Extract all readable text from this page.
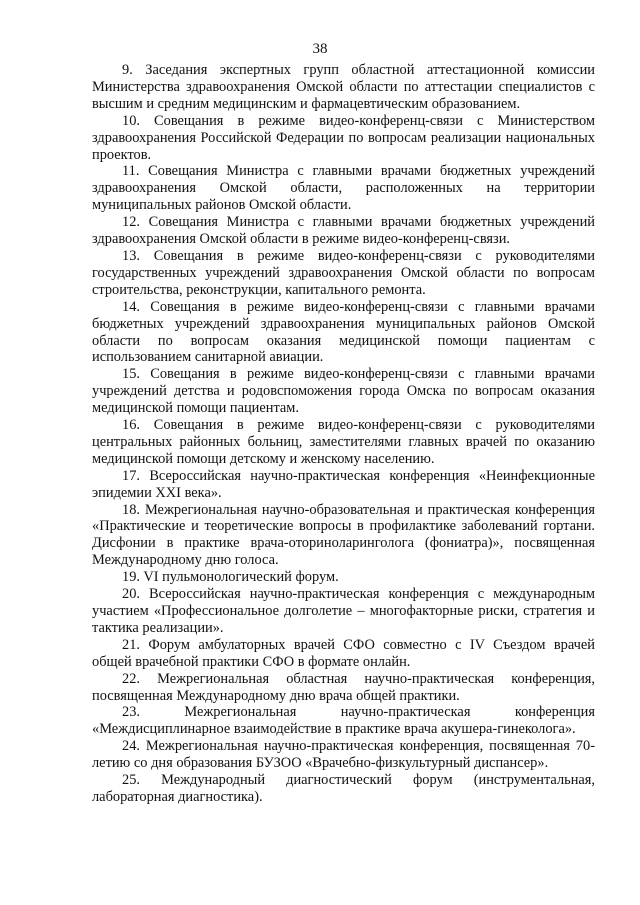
38

9. Заседания экспертных групп областной аттестационной комиссии Министерства здравоохранения Омской области по аттестации специалистов с высшим и средним медицинским и фармацевтическим образованием.

10. Совещания в режиме видео-конференц-связи с Министерством здравоохранения Российской Федерации по вопросам реализации национальных проектов.

11. Совещания Министра с главными врачами бюджетных учреждений здравоохранения Омской области, расположенных на территории муниципальных районов Омской области.

12. Совещания Министра с главными врачами бюджетных учреждений здравоохранения Омской области в режиме видео-конференц-связи.

13. Совещания в режиме видео-конференц-связи с руководителями государственных учреждений здравоохранения Омской области по вопросам строительства, реконструкции, капитального ремонта.

14. Совещания в режиме видео-конференц-связи с главными врачами бюджетных учреждений здравоохранения муниципальных районов Омской области по вопросам оказания медицинской помощи пациентам с использованием санитарной авиации.

15. Совещания в режиме видео-конференц-связи с главными врачами учреждений детства и родовспоможения города Омска по вопросам оказания медицинской помощи пациентам.

16. Совещания в режиме видео-конференц-связи с руководителями центральных районных больниц, заместителями главных врачей по оказанию медицинской помощи детскому и женскому населению.

17. Всероссийская научно-практическая конференция «Неинфекционные эпидемии XXI века».

18. Межрегиональная научно-образовательная и практическая конференция «Практические и теоретические вопросы в профилактике заболеваний гортани. Дисфонии в практике врача-оториноларинголога (фониатра)», посвященная Международному дню голоса.

19. VI пульмонологический форум.

20. Всероссийская научно-практическая конференция с международным участием «Профессиональное долголетие – многофакторные риски, стратегия и тактика реализации».

21. Форум амбулаторных врачей СФО совместно с IV Съездом врачей общей врачебной практики СФО в формате онлайн.

22. Межрегиональная областная научно-практическая конференция, посвященная Международному дню врача общей практики.

23. Межрегиональная научно-практическая конференция «Междисциплинарное взаимодействие в практике врача акушера-гинеколога».

24. Межрегиональная научно-практическая конференция, посвященная 70-летию со дня образования БУЗОО «Врачебно-физкультурный диспансер».

25. Международный диагностический форум (инструментальная, лабораторная диагностика).
